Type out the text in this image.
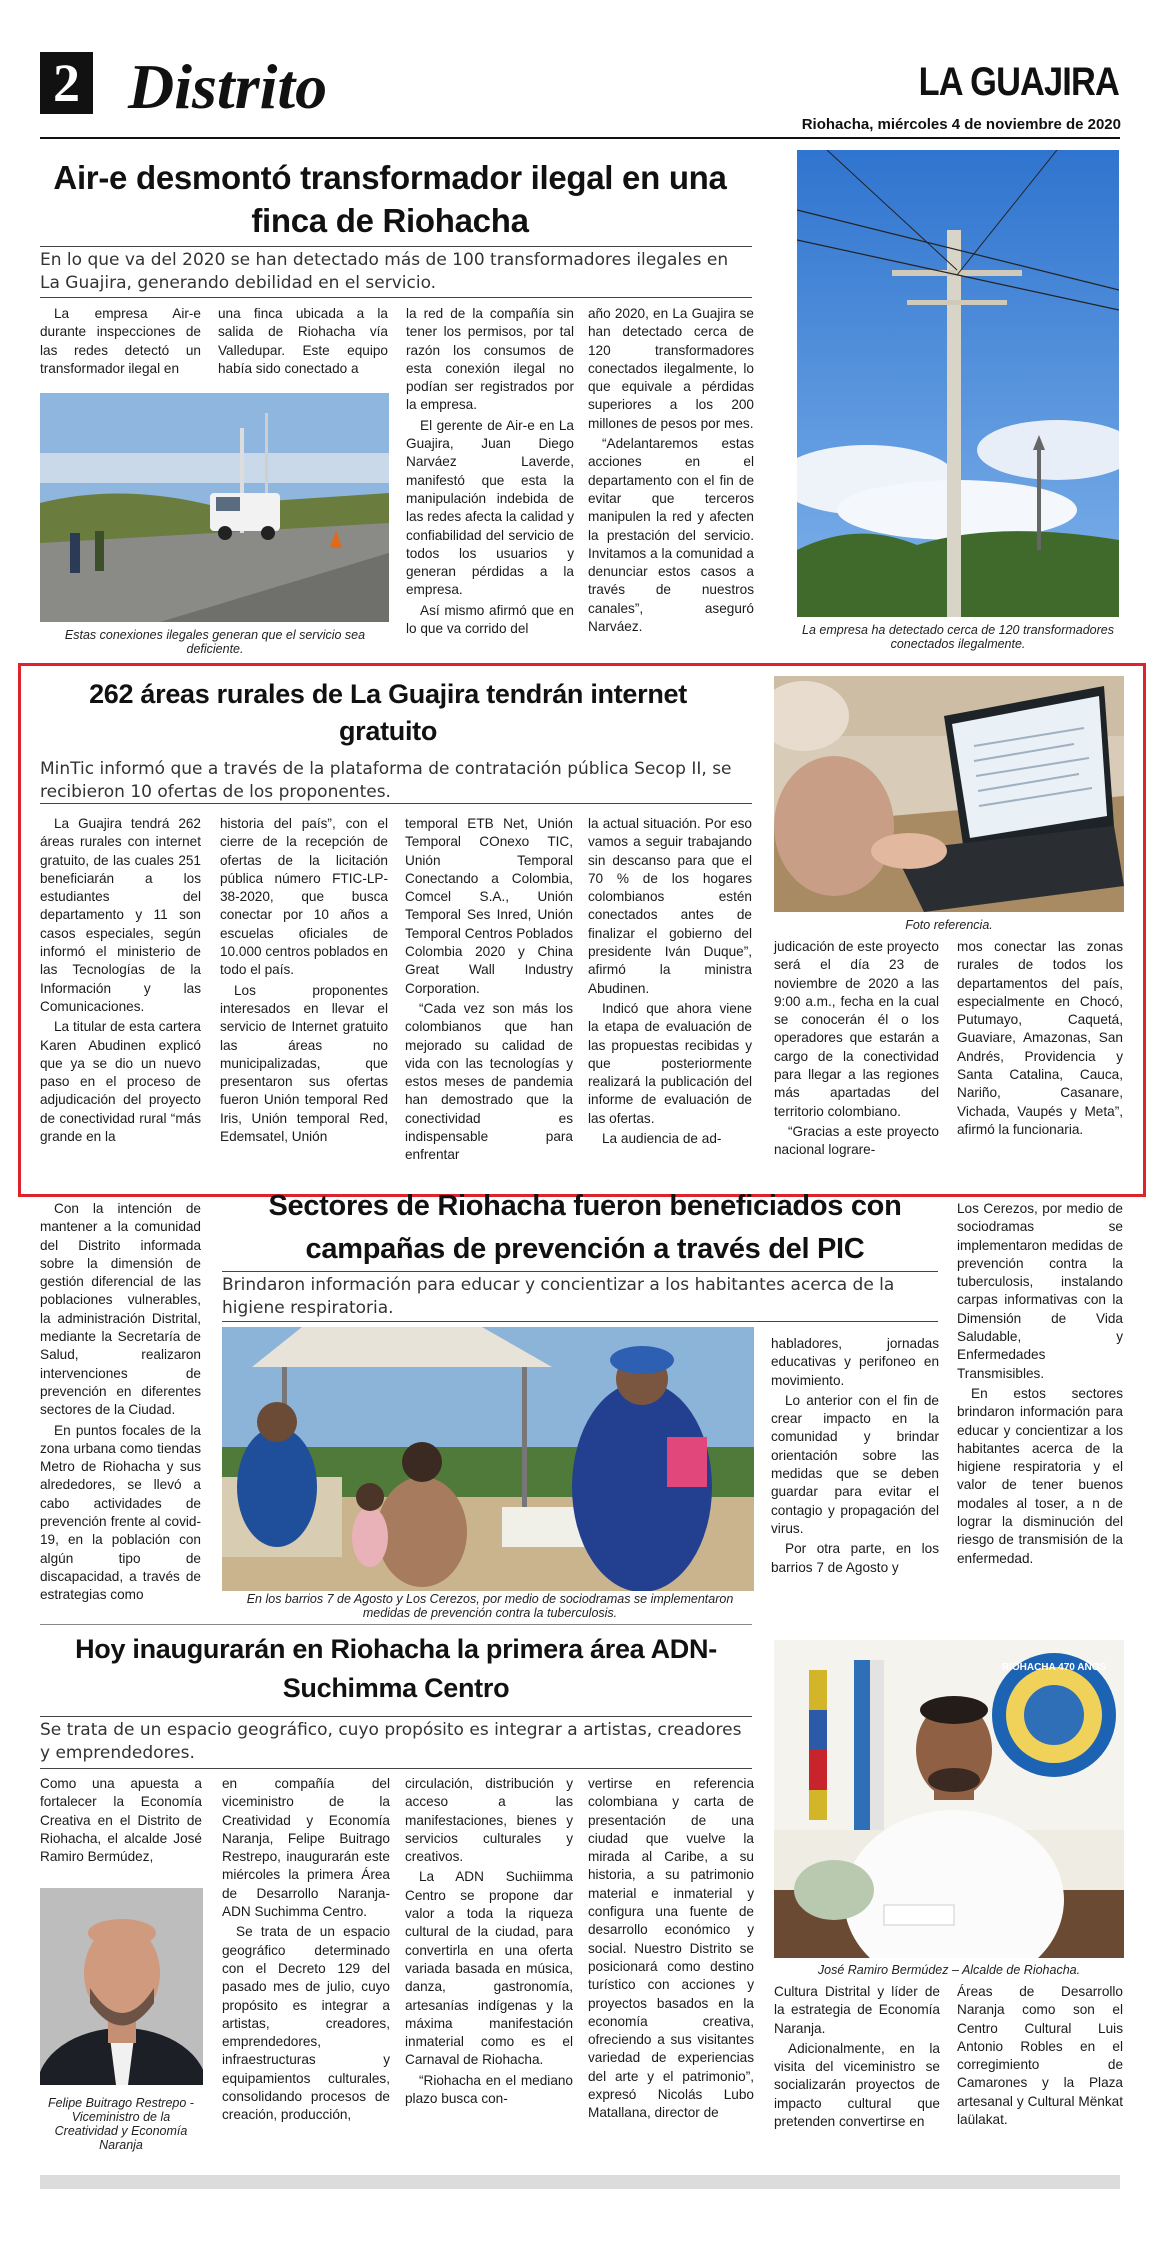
2 Distrito	LA GUAJIRA
Riohacha, miércoles 4 de noviembre de 2020
Air-e desmontó transformador ilegal en una finca de Riohacha
En lo que va del 2020 se han detectado más de 100 transformadores ilegales en La Guajira, generando debilidad en el servicio.

La empresa Air-e durante inspecciones de las redes detectó un transformador ilegal en

una finca ubicada a la salida de Riohacha vía Valledupar. Este equipo había sido conectado a

Estas conexiones ilegales generan que el servicio sea deficiente.

la red de la compañía sin tener los permisos, por tal razón los consumos de esta conexión ilegal no podían ser registrados por la empresa.

El gerente de Air-e en La Guajira, Juan Diego Narváez Laverde, manifestó que esta la manipulación indebida de las redes afecta la calidad y confiabilidad del servicio de todos los usuarios y generan pérdidas a la empresa.

Así mismo afirmó que en lo que va corrido del

año 2020, en La Guajira se han detectado cerca de 120 transformadores conectados ilegalmente, lo que equivale a pérdidas superiores a los 200 millones de pesos por mes.

“Adelantaremos estas acciones en el departamento con el fin de evitar que terceros manipulen la red y afecten la prestación del servicio. Invitamos a la comunidad a denunciar estos casos a través de nuestros canales”, aseguró Narváez.	La empresa ha detectado cerca de 120 transformadores conectados ilegalmente.
262 áreas rurales de La Guajira tendrán internet gratuito
MinTic informó que a través de la plataforma de contratación pública Secop II, se recibieron 10 ofertas de los proponentes.

La Guajira tendrá 262 áreas rurales con internet gratuito, de las cuales 251 beneficiarán a los estudiantes del departamento y 11 son casos especiales, según informó el ministerio de las Tecnologías de la Información y las Comunicaciones.

La titular de esta cartera Karen Abudinen explicó que ya se dio un nuevo paso en el proceso de adjudicación del proyecto de conectividad rural “más grande en la

historia del país”, con el cierre de la recepción de ofertas de la licitación pública número FTIC-LP-38-2020, que busca conectar por 10 años a escuelas oficiales de 10.000 centros poblados en todo el país.

Los proponentes interesados en llevar el servicio de Internet gratuito las áreas no municipalizadas, que presentaron sus ofertas fueron Unión temporal Red Iris, Unión temporal Red, Edemsatel, Unión

temporal ETB Net, Unión Temporal COnexo TIC, Unión Temporal Conectando a Colombia, Comcel S.A., Unión Temporal Ses Inred, Unión Temporal Centros Poblados Colombia 2020 y China Great Wall Industry Corporation.

“Cada vez son más los colombianos que han mejorado su calidad de vida con las tecnologías y estos meses de pandemia han demostrado que la conectividad es indispensable para enfrentar

la actual situación. Por eso vamos a seguir trabajando sin descanso para que el 70 % de los hogares colombianos estén conectados antes de finalizar el gobierno del presidente Iván Duque”, afirmó la ministra Abudinen.

Indicó que ahora viene la etapa de evaluación de las propuestas recibidas y que posteriormente realizará la publicación del informe de evaluación de las ofertas.

La audiencia de ad-

Foto referencia.

judicación de este proyecto será el día 23 de noviembre de 2020 a las 9:00 a.m., fecha en la cual se conocerán él o los operadores que estarán a cargo de la conectividad para llegar a las regiones más apartadas del territorio colombiano.

“Gracias a este proyecto nacional lograre-

mos conectar las zonas rurales de todos los departamentos del país, especialmente en Chocó, Putumayo, Caquetá, Guaviare, Amazonas, San Andrés, Providencia y Santa Catalina, Cauca, Nariño, Casanare, Vichada, Vaupés y Meta”, afirmó la funcionaria.

Con la intención de mantener a la comunidad del Distrito informada sobre la dimensión de gestión diferencial de las poblaciones vulnerables, la administración Distrital, mediante la Secretaría de Salud, realizaron intervenciones de prevención en diferentes sectores de la Ciudad.

En puntos focales de la zona urbana como tiendas Metro de Riohacha y sus alrededores, se llevó a cabo actividades de prevención frente al covid-19, en la población con algún tipo de discapacidad, a través de estrategias como

Sectores de Riohacha fueron beneficiados con campañas de prevención a través del PIC
Brindaron información para educar y concientizar a los habitantes acerca de la higiene respiratoria.
En los barrios 7 de Agosto y Los Cerezos, por medio de sociodramas se implementaron medidas de prevención contra la tuberculosis.

habladores, jornadas educativas y perifoneo en movimiento.

Lo anterior con el fin de crear impacto en la comunidad y brindar orientación sobre las medidas que se deben guardar para evitar el contagio y propagación del virus.

Por otra parte, en los barrios 7 de Agosto y

Los Cerezos, por medio de sociodramas se implementaron medidas de prevención contra la tuberculosis, instalando carpas informativas con la Dimensión de Vida Saludable, y Enfermedades Transmisibles.

En estos sectores brindaron información para educar y concientizar a los habitantes acerca de la higiene respiratoria y el valor de tener buenos modales al toser, a n de lograr la disminución del riesgo de transmisión de la enfermedad.

Hoy inaugurarán en Riohacha la primera área ADN- Suchimma Centro
Se trata de un espacio geográfico, cuyo propósito es integrar a artistas, creadores y emprendedores.

Como una apuesta a fortalecer la Economía Creativa en el Distrito de Riohacha, el alcalde José Ramiro Bermúdez,

Felipe Buitrago Restrepo - Viceministro de la Creatividad y Economía Naranja

en compañía del viceministro de la Creatividad y Economía Naranja, Felipe Buitrago Restrepo, inaugurarán este miércoles la primera Área de Desarrollo Naranja- ADN Suchimma Centro.

Se trata de un espacio geográfico determinado con el Decreto 129 del pasado mes de julio, cuyo propósito es integrar a artistas, creadores, emprendedores, infraestructuras y equipamientos culturales, consolidando procesos de creación, producción,

circulación, distribución y acceso a las manifestaciones, bienes y servicios culturales y creativos.

La ADN Suchiimma Centro se propone dar valor a toda la riqueza cultural de la ciudad, para convertirla en una oferta variada basada en música, danza, gastronomía, artesanías indígenas y la máxima manifestación inmaterial como es el Carnaval de Riohacha.

“Riohacha en el mediano plazo busca con-

vertirse en referencia colombiana y carta de presentación de una ciudad que vuelve la mirada al Caribe, a su historia, a su patrimonio material e inmaterial y configura una fuente de desarrollo económico y social. Nuestro Distrito se posicionará como destino turístico con acciones y proyectos basados en la economía creativa, ofreciendo a sus visitantes variedad de experiencias del arte y el patrimonio”, expresó Nicolás Lubo Matallana, director de

RIOHACHA 470 AÑOS
José Ramiro Bermúdez – Alcalde de Riohacha.

Cultura Distrital y líder de la estrategia de Economía Naranja.

Adicionalmente, en la visita del viceministro se socializarán proyectos de impacto cultural que pretenden convertirse en

Áreas de Desarrollo Naranja como son el Centro Cultural Luis Antonio Robles en el corregimiento de Camarones y la Plaza artesanal y Cultural Mënkat laülakat.
